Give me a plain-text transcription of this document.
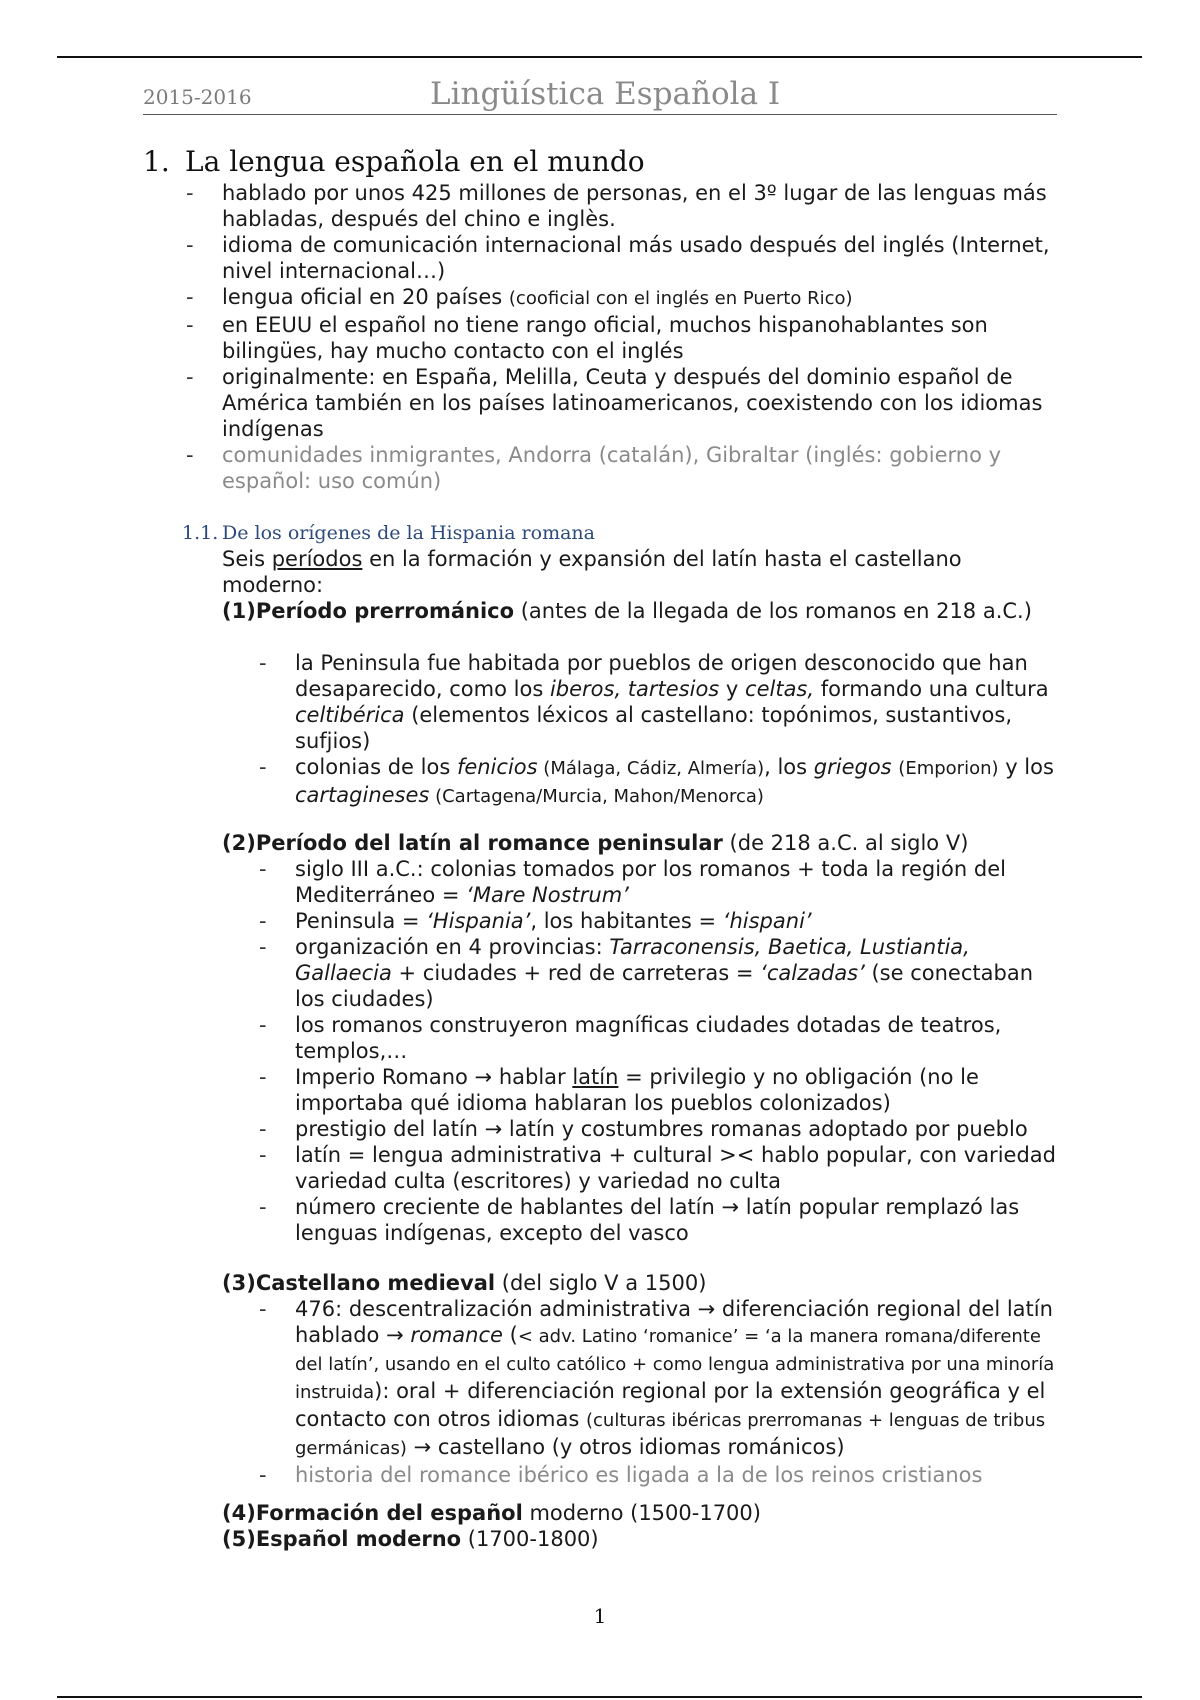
2015-2016	Lingüística Española I
1. La lengua española en el mundo
- hablado por unos 425 millones de personas, en el 3º lugar de las lenguas más habladas, después del chino e inglès.
- idioma de comunicación internacional más usado después del inglés (Internet, nivel internacional…)
- lengua oficial en 20 países (cooficial con el inglés en Puerto Rico)
- en EEUU el español no tiene rango oficial, muchos hispanohablantes son bilingües, hay mucho contacto con el inglés
- originalmente: en España, Melilla, Ceuta y después del dominio español de América también en los países latinoamericanos, coexistendo con los idiomas indígenas
- comunidades inmigrantes, Andorra (catalán), Gibraltar (inglés: gobierno y español: uso común)
1.1. De los orígenes de la Hispania romana
Seis períodos en la formación y expansión del latín hasta el castellano moderno:
(1)Período prerrománico (antes de la llegada de los romanos en 218 a.C.)
- la Peninsula fue habitada por pueblos de origen desconocido que han desaparecido, como los iberos, tartesios y celtas, formando una cultura celtibérica (elementos léxicos al castellano: topónimos, sustantivos, sufjios)
- colonias de los fenicios (Málaga, Cádiz, Almería), los griegos (Emporion) y los cartagineses (Cartagena/Murcia, Mahon/Menorca)
(2)Período del latín al romance peninsular (de 218 a.C. al siglo V)
- siglo III a.C.: colonias tomados por los romanos + toda la región del Mediterráneo = ‘Mare Nostrum’
- Peninsula = ‘Hispania’, los habitantes = ‘hispani’
- organización en 4 provincias: Tarraconensis, Baetica, Lustiantia, Gallaecia + ciudades + red de carreteras = ‘calzadas’ (se conectaban los ciudades)
- los romanos construyeron magníficas ciudades dotadas de teatros, templos,…
- Imperio Romano → hablar latín = privilegio y no obligación (no le importaba qué idioma hablaran los pueblos colonizados)
- prestigio del latín → latín y costumbres romanas adoptado por pueblo
- latín = lengua administrativa + cultural >< hablo popular, con variedad variedad culta (escritores) y variedad no culta
- número creciente de hablantes del latín → latín popular remplazó las lenguas indígenas, excepto del vasco
(3)Castellano medieval (del siglo V a 1500)
- 476: descentralización administrativa → diferenciación regional del latín hablado → romance (< adv. Latino ‘romanice’ = ‘a la manera romana/diferente del latín’, usando en el culto católico + como lengua administrativa por una minoría instruida): oral + diferenciación regional por la extensión geográfica y el contacto con otros idiomas (culturas ibéricas prerromanas + lenguas de tribus germánicas) → castellano (y otros idiomas románicos)
- historia del romance ibérico es ligada a la de los reinos cristianos
(4)Formación del español moderno (1500-1700)
(5)Español moderno (1700-1800)
1
